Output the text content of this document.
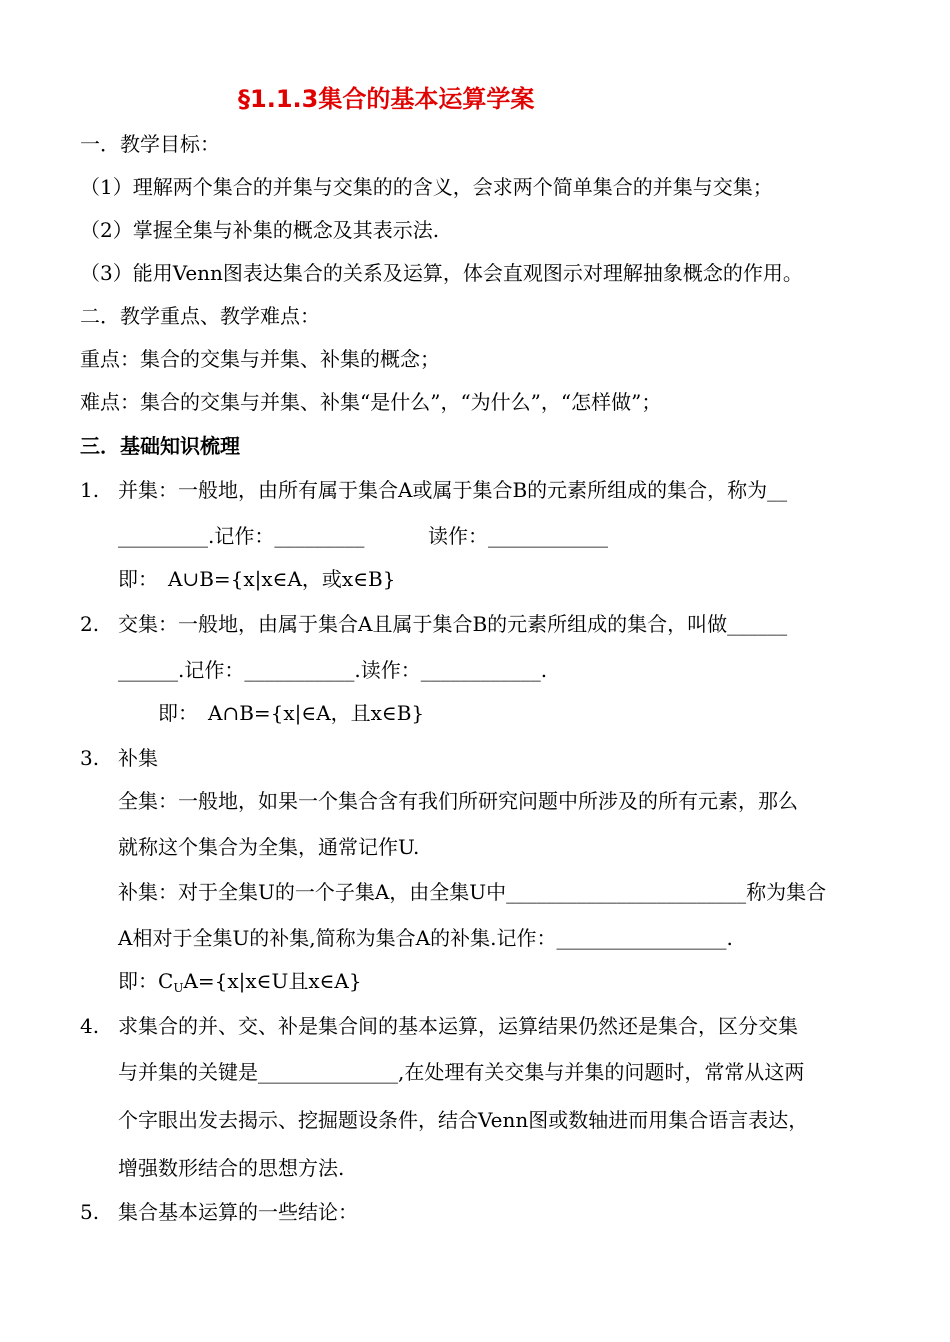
§1.1.3集合的基本运算学案
一．教学目标：
（1）理解两个集合的并集与交集的的含义，会求两个简单集合的并集与交集；
（2）掌握全集与补集的概念及其表示法.
（3）能用Venn图表达集合的关系及运算，体会直观图示对理解抽象概念的作用。
二．教学重点、教学难点：
重点：集合的交集与并集、补集的概念；
难点：集合的交集与并集、补集“是什么”，“为什么”，“怎样做”；
三．基础知识梳理
1. 并集：一般地，由所有属于集合A或属于集合B的元素所组成的集合，称为__
_________.记作：_________	读作：____________
即：　A∪B={x|x∈A，或x∈B}
2. 交集：一般地，由属于集合A且属于集合B的元素所组成的集合，叫做______
______.记作：___________.读作：____________.
即：　A∩B={x|∈A，且x∈B}
3. 补集
全集：一般地，如果一个集合含有我们所研究问题中所涉及的所有元素，那么
就称这个集合为全集，通常记作U.
补集：对于全集U的一个子集A，由全集U中________________________称为集合
A相对于全集U的补集,简称为集合A的补集.记作：_________________.
即：$C_UA=\{x|x\in U$且x∈A}
4. 求集合的并、交、补是集合间的基本运算，运算结果仍然还是集合，区分交集
与并集的关键是______________,在处理有关交集与并集的问题时，常常从这两
个字眼出发去揭示、挖掘题设条件，结合Venn图或数轴进而用集合语言表达，
增强数形结合的思想方法.
5. 集合基本运算的一些结论：
